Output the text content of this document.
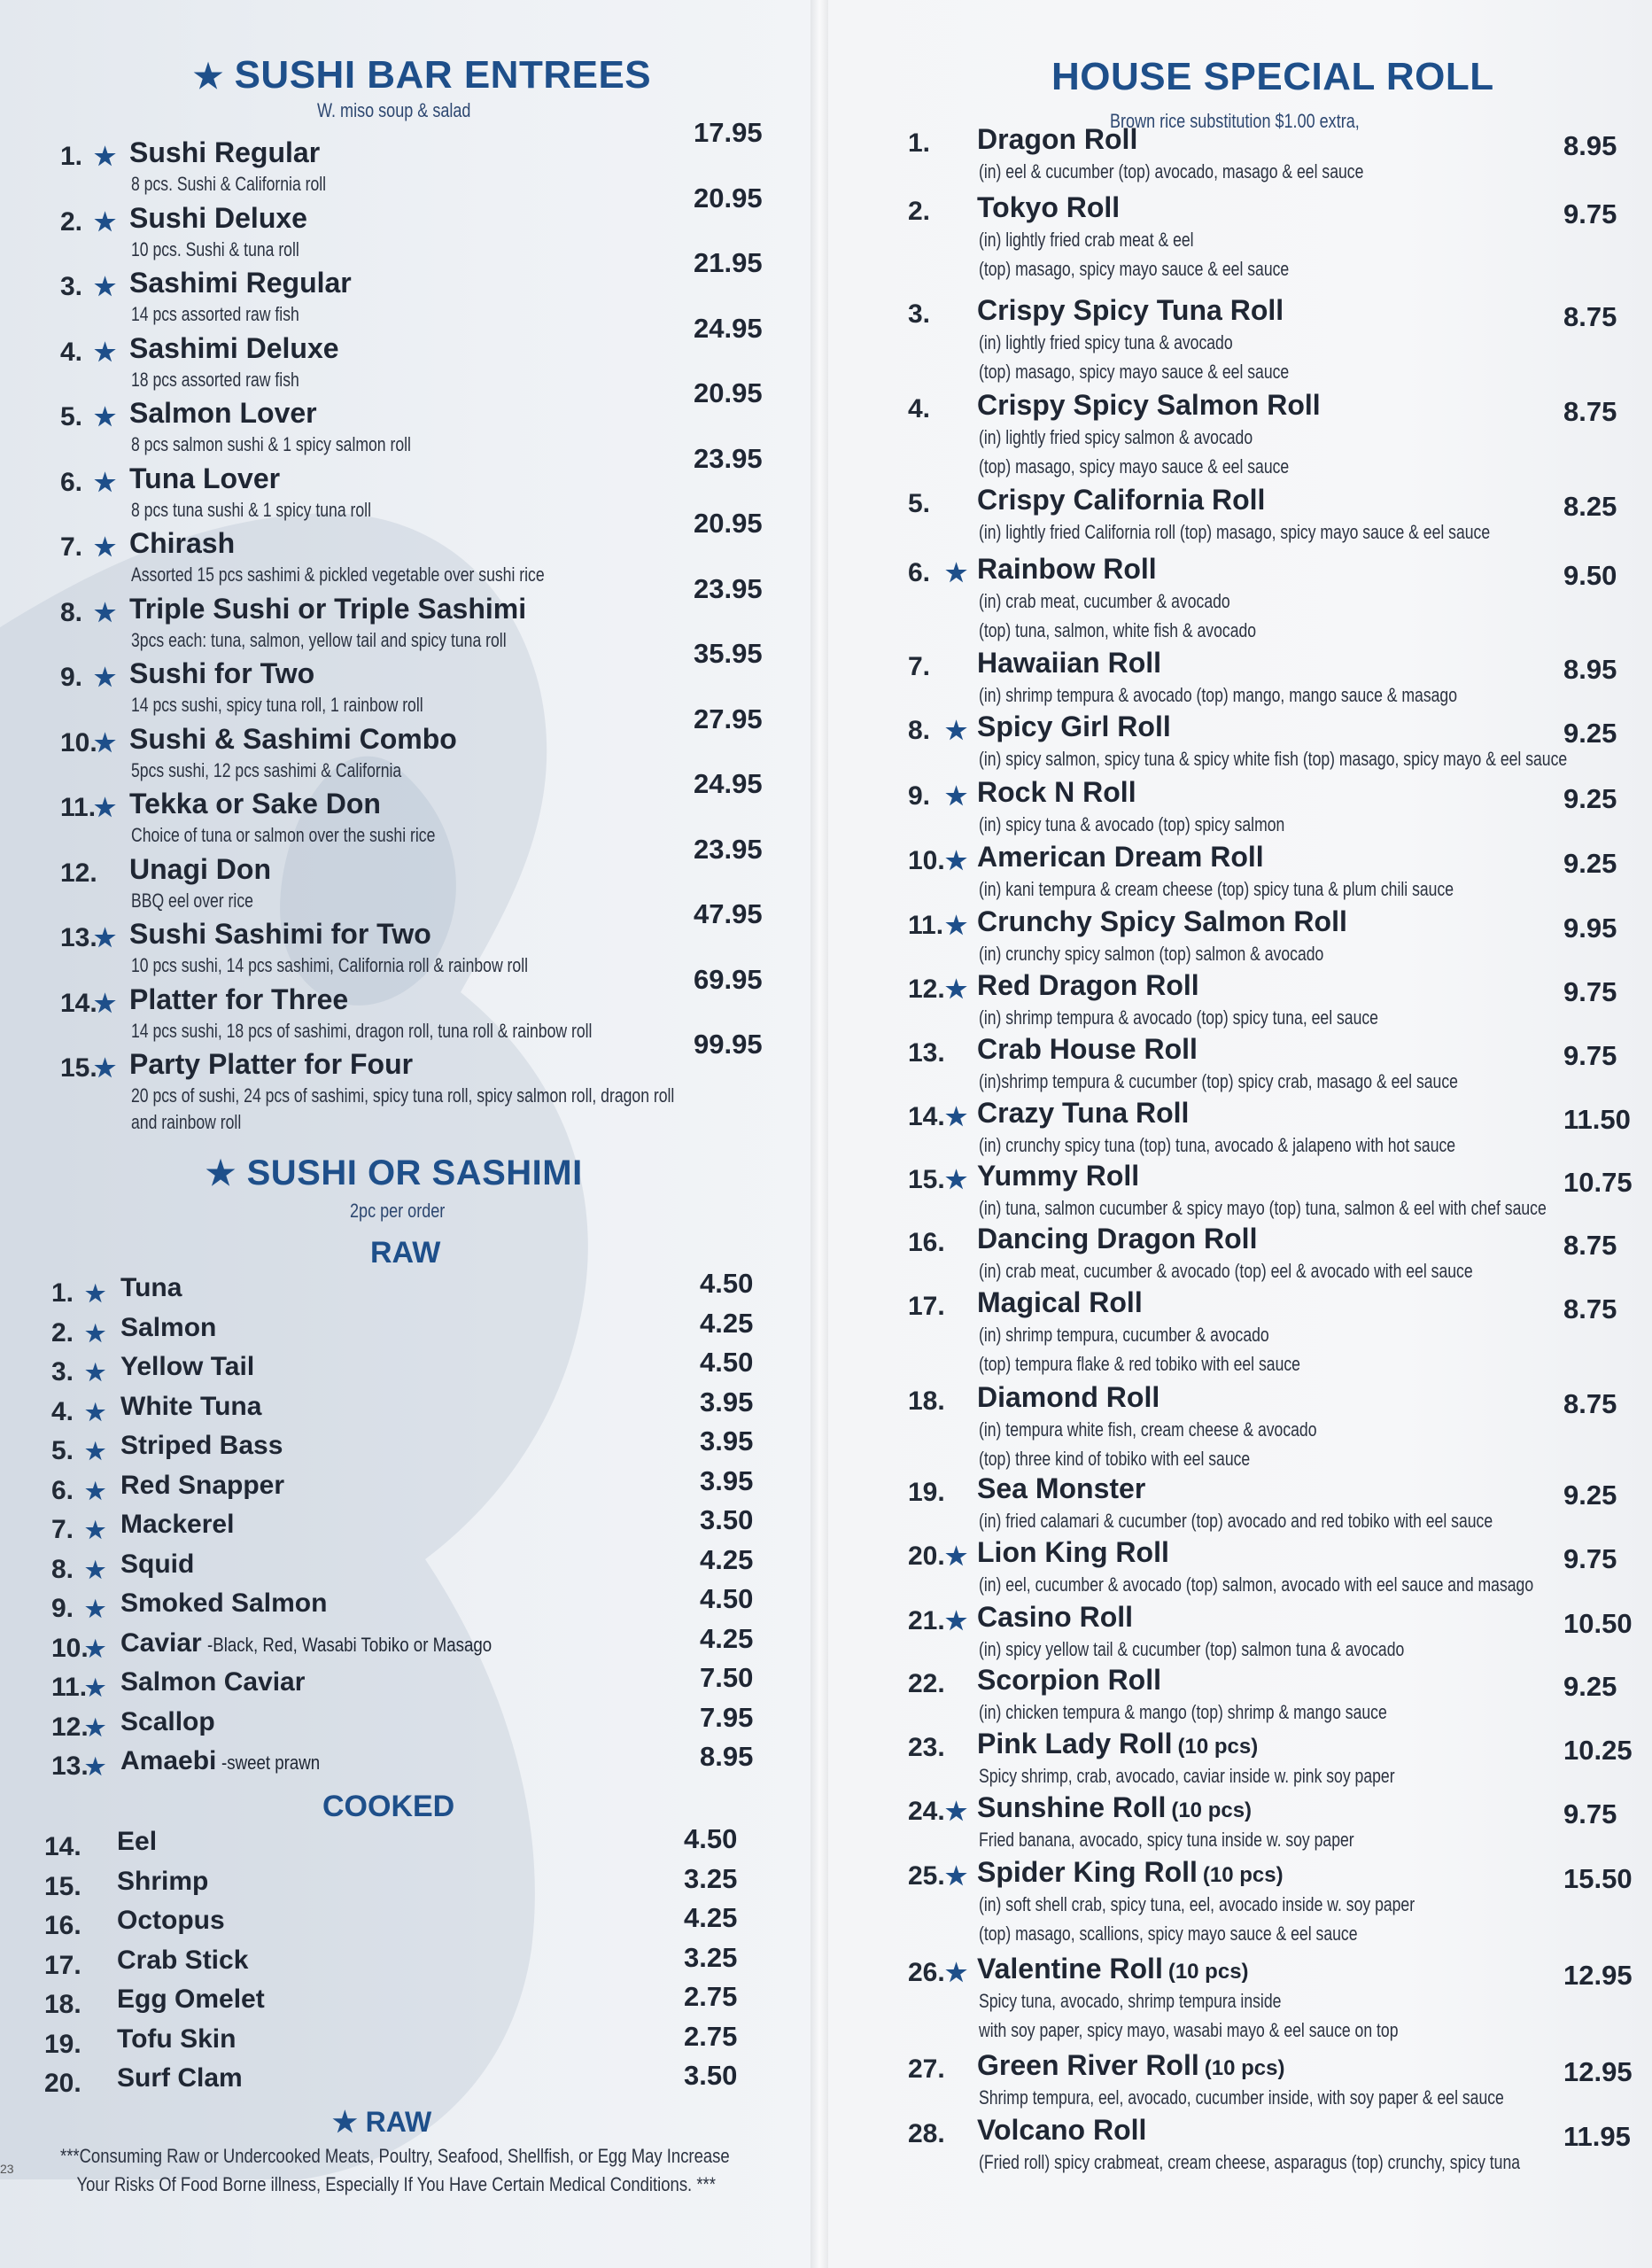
★ SUSHI BAR ENTREES
W. miso soup & salad
1. ★ Sushi Regular
8 pcs. Sushi & California roll
17.95
2. ★ Sushi Deluxe
10 pcs. Sushi & tuna roll
20.95
3. ★ Sashimi Regular
14 pcs assorted raw fish
21.95
4. ★ Sashimi Deluxe
18 pcs assorted raw fish
24.95
5. ★ Salmon Lover
8 pcs salmon sushi & 1 spicy salmon roll
20.95
6. ★ Tuna Lover
8 pcs tuna sushi & 1 spicy tuna roll
23.95
7. ★ Chirash
Assorted 15 pcs sashimi & pickled vegetable over sushi rice
20.95
8. ★ Triple Sushi or Triple Sashimi
3pcs each: tuna, salmon, yellow tail and spicy tuna roll
23.95
9. ★ Sushi for Two
14 pcs sushi, spicy tuna roll, 1 rainbow roll
35.95
10.
★ Sushi & Sashimi Combo
5pcs sushi, 12 pcs sashimi & California
27.95
11.
★ Tekka or Sake Don
Choice of tuna or salmon over the sushi rice
24.95
12. Unagi Don
BBQ eel over rice
23.95
13.
★ Sushi Sashimi for Two
10 pcs sushi, 14 pcs sashimi, California roll & rainbow roll
47.95
14.
★ Platter for Three
14 pcs sushi, 18 pcs of sashimi, dragon roll, tuna roll & rainbow roll
69.95
15.
★ Party Platter for Four
20 pcs of sushi, 24 pcs of sashimi, spicy tuna roll, spicy salmon roll, dragon roll
and rainbow roll
99.95
★ SUSHI OR SASHIMI
2pc per order
RAW
1. ★ Tuna	4.50
2. ★ Salmon	4.25
3. ★ Yellow Tail	4.50
4. ★ White Tuna	3.95
5. ★ Striped Bass	3.95
6. ★ Red Snapper	3.95
7. ★ Mackerel	3.50
8. ★ Squid	4.25
9. ★ Smoked Salmon	4.50
10.
★ Caviar -Black, Red, Wasabi Tobiko or Masago	4.25
11.
★ Salmon Caviar	7.50
12.
★ Scallop	7.95
13.
★ Amaebi -sweet prawn	8.95
COOKED
14. Eel	4.50
15. Shrimp	3.25
16. Octopus	4.25
17. Crab Stick	3.25
18. Egg Omelet	2.75
19. Tofu Skin	2.75
20. Surf Clam	3.50
★ RAW
***Consuming Raw or Undercooked Meats, Poultry, Seafood, Shellfish, or Egg May Increase
Your Risks Of Food Borne illness, Especially If You Have Certain Medical Conditions. ***
23
HOUSE SPECIAL ROLL
Brown rice substitution $1.00 extra,
1. Dragon Roll
(in) eel & cucumber (top) avocado, masago & eel sauce
8.95
2. Tokyo Roll
(in) lightly fried crab meat & eel
(top) masago, spicy mayo sauce & eel sauce
9.75
3. Crispy Spicy Tuna Roll
(in) lightly fried spicy tuna & avocado
(top) masago, spicy mayo sauce & eel sauce
8.75
4. Crispy Spicy Salmon Roll
(in) lightly fried spicy salmon & avocado
(top) masago, spicy mayo sauce & eel sauce
8.75
5. Crispy California Roll
(in) lightly fried California roll (top) masago, spicy mayo sauce & eel sauce
8.25
6. ★ Rainbow Roll
(in) crab meat, cucumber & avocado
(top) tuna, salmon, white fish & avocado
9.50
7. Hawaiian Roll
(in) shrimp tempura & avocado (top) mango, mango sauce & masago
8.95
8. ★ Spicy Girl Roll
(in) spicy salmon, spicy tuna & spicy white fish (top) masago, spicy mayo & eel sauce
9.25
9. ★ Rock N Roll
(in) spicy tuna & avocado (top) spicy salmon
9.25
10. ★ American Dream Roll
(in) kani tempura & cream cheese (top) spicy tuna & plum chili sauce
9.25
11. ★ Crunchy Spicy Salmon Roll
(in) crunchy spicy salmon (top) salmon & avocado
9.95
12. ★ Red Dragon Roll
(in) shrimp tempura & avocado (top) spicy tuna, eel sauce
9.75
13. Crab House Roll
(in)shrimp tempura & cucumber (top) spicy crab, masago & eel sauce
9.75
14. ★ Crazy Tuna Roll
(in) crunchy spicy tuna (top) tuna, avocado & jalapeno with hot sauce
11.50
15. ★ Yummy Roll
(in) tuna, salmon cucumber & spicy mayo (top) tuna, salmon & eel with chef sauce
10.75
16. Dancing Dragon Roll
(in) crab meat, cucumber & avocado (top) eel & avocado with eel sauce
8.75
17. Magical Roll
(in) shrimp tempura, cucumber & avocado
(top) tempura flake & red tobiko with eel sauce
8.75
18. Diamond Roll
(in) tempura white fish, cream cheese & avocado
(top) three kind of tobiko with eel sauce
8.75
19. Sea Monster
(in) fried calamari & cucumber (top) avocado and red tobiko with eel sauce
9.25
20. ★ Lion King Roll
(in) eel, cucumber & avocado (top) salmon, avocado with eel sauce and masago
9.75
21. ★ Casino Roll
(in) spicy yellow tail & cucumber (top) salmon tuna & avocado
10.50
22. Scorpion Roll
(in) chicken tempura & mango (top) shrimp & mango sauce
9.25
23. Pink Lady Roll (10 pcs)
Spicy shrimp, crab, avocado, caviar inside w. pink soy paper
10.25
24. ★ Sunshine Roll (10 pcs)
Fried banana, avocado, spicy tuna inside w. soy paper
9.75
25. ★ Spider King Roll (10 pcs)
(in) soft shell crab, spicy tuna, eel, avocado inside w. soy paper
(top) masago, scallions, spicy mayo sauce & eel sauce
15.50
26. ★ Valentine Roll (10 pcs)
Spicy tuna, avocado, shrimp tempura inside
with soy paper, spicy mayo, wasabi mayo & eel sauce on top
12.95
27. Green River Roll (10 pcs)
Shrimp tempura, eel, avocado, cucumber inside, with soy paper & eel sauce
12.95
28. Volcano Roll
(Fried roll) spicy crabmeat, cream cheese, asparagus (top) crunchy, spicy tuna
11.95
